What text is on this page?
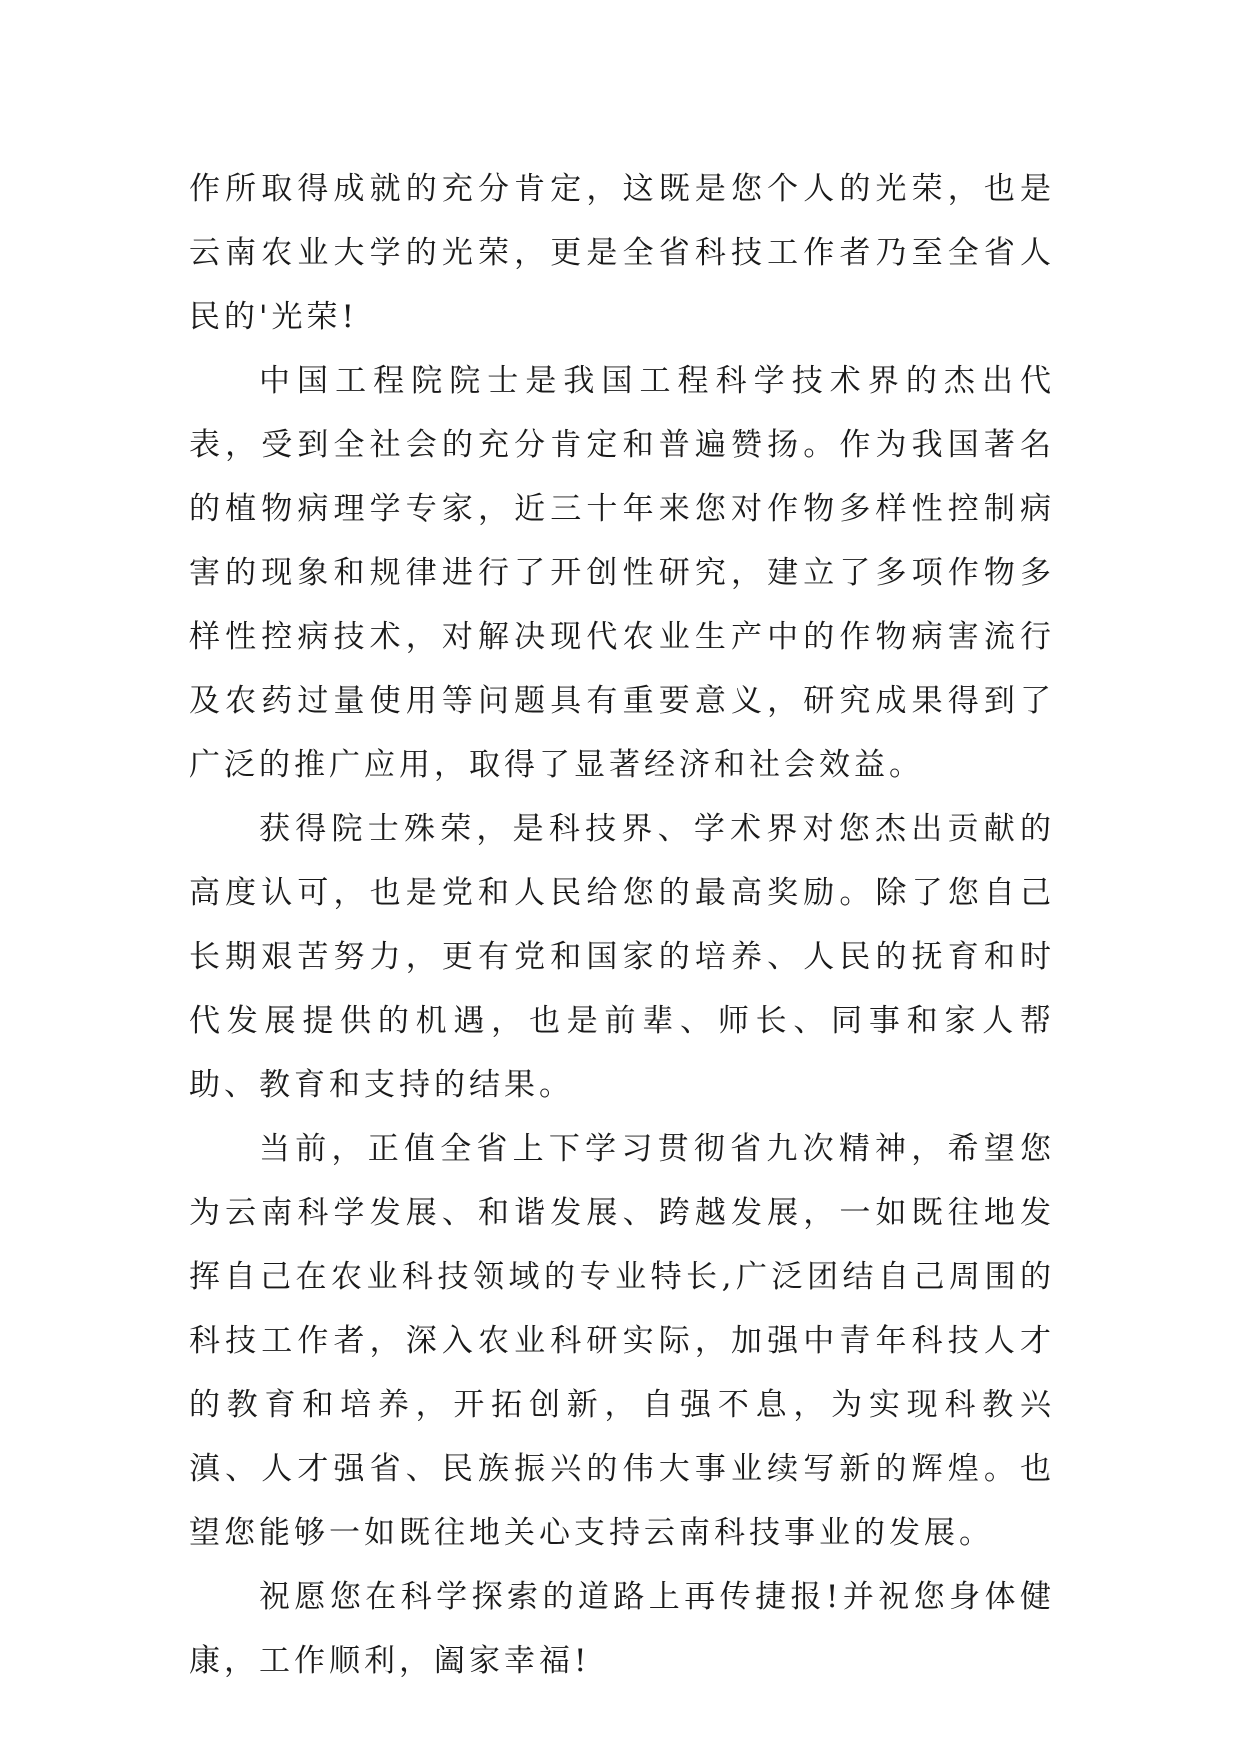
作所取得成就的充分肯定，这既是您个人的光荣，也是云南农业大学的光荣，更是全省科技工作者乃至全省人民的'光荣!

中国工程院院士是我国工程科学技术界的杰出代表，受到全社会的充分肯定和普遍赞扬。作为我国著名的植物病理学专家，近三十年来您对作物多样性控制病害的现象和规律进行了开创性研究，建立了多项作物多样性控病技术，对解决现代农业生产中的作物病害流行及农药过量使用等问题具有重要意义，研究成果得到了广泛的推广应用，取得了显著经济和社会效益。

获得院士殊荣，是科技界、学术界对您杰出贡献的高度认可，也是党和人民给您的最高奖励。除了您自己长期艰苦努力，更有党和国家的培养、人民的抚育和时代发展提供的机遇，也是前辈、师长、同事和家人帮助、教育和支持的结果。

当前，正值全省上下学习贯彻省九次精神，希望您为云南科学发展、和谐发展、跨越发展，一如既往地发挥自己在农业科技领域的专业特长,广泛团结自己周围的科技工作者，深入农业科研实际，加强中青年科技人才的教育和培养，开拓创新，自强不息，为实现科教兴滇、人才强省、民族振兴的伟大事业续写新的辉煌。也望您能够一如既往地关心支持云南科技事业的发展。

祝愿您在科学探索的道路上再传捷报!并祝您身体健康，工作顺利，阖家幸福!
